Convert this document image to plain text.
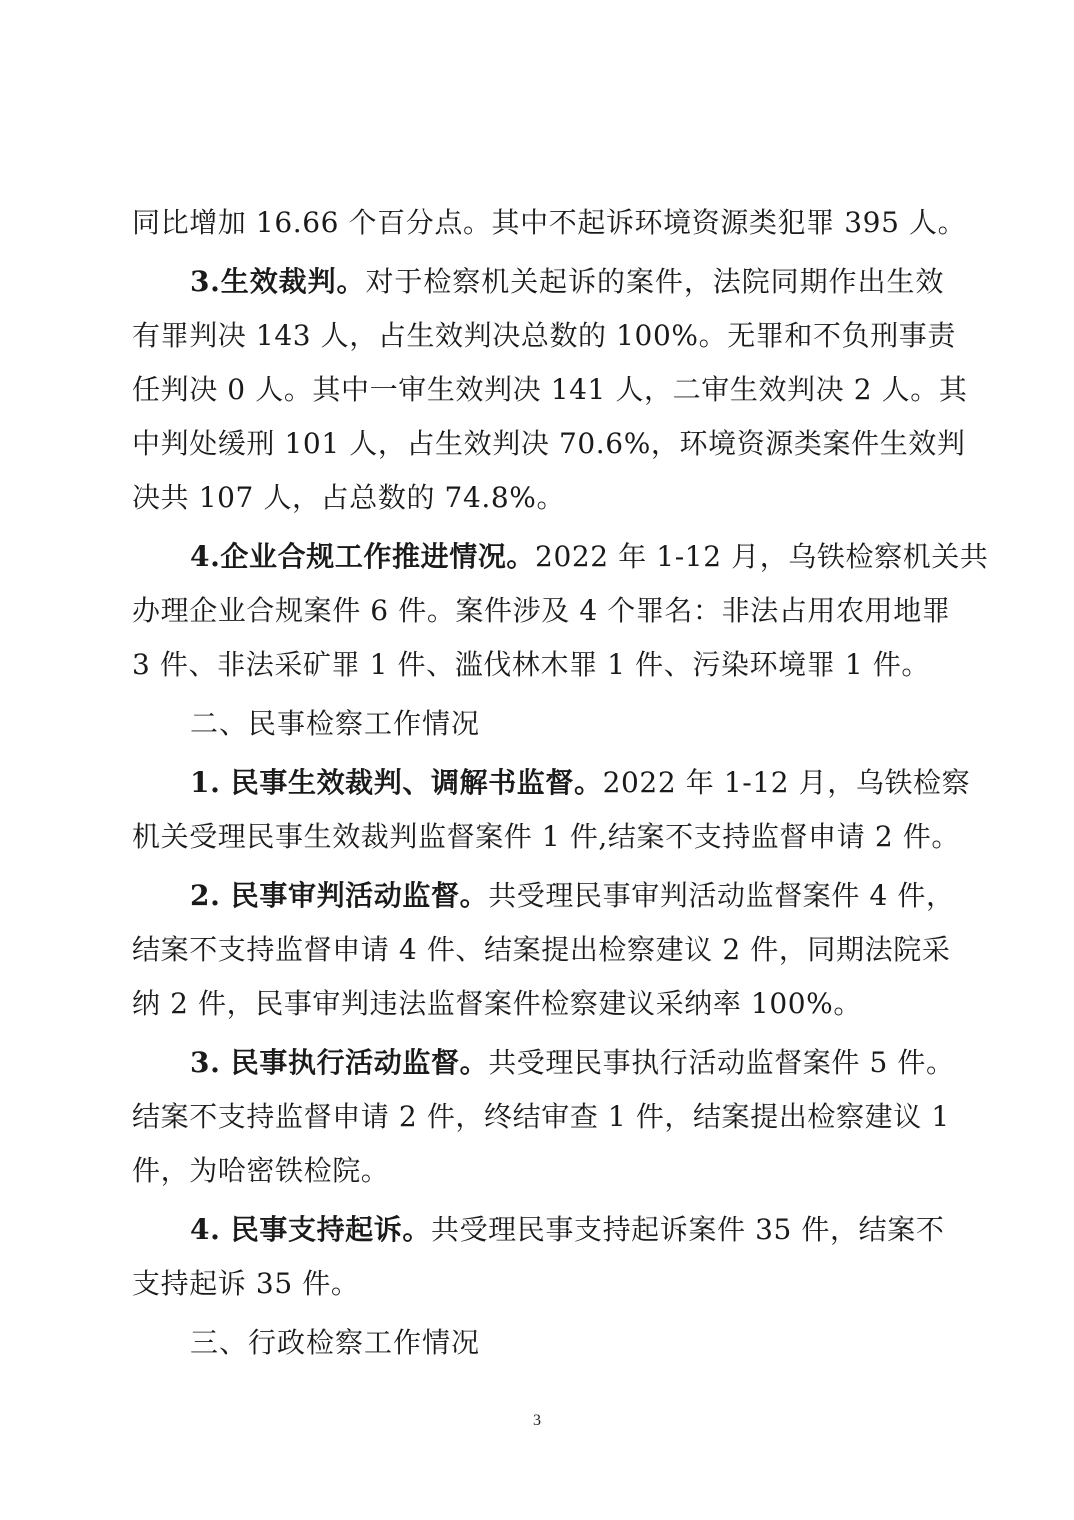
同比增加 16.66 个百分点。其中不起诉环境资源类犯罪 395 人。
3.生效裁判。对于检察机关起诉的案件，法院同期作出生效
有罪判决 143 人，占生效判决总数的 100%。无罪和不负刑事责
任判决 0 人。其中一审生效判决 141 人，二审生效判决 2 人。其
中判处缓刑 101 人，占生效判决 70.6%，环境资源类案件生效判
决共 107 人，占总数的 74.8%。
4.企业合规工作推进情况。2022 年 1-12 月，乌铁检察机关共
办理企业合规案件 6 件。案件涉及 4 个罪名：非法占用农用地罪
3 件、非法采矿罪 1 件、滥伐林木罪 1 件、污染环境罪 1 件。
二、民事检察工作情况
1. 民事生效裁判、调解书监督。2022 年 1-12 月，乌铁检察
机关受理民事生效裁判监督案件 1 件,结案不支持监督申请 2 件。
2. 民事审判活动监督。共受理民事审判活动监督案件 4 件，
结案不支持监督申请 4 件、结案提出检察建议 2 件，同期法院采
纳 2 件，民事审判违法监督案件检察建议采纳率 100%。
3. 民事执行活动监督。共受理民事执行活动监督案件 5 件。
结案不支持监督申请 2 件，终结审查 1 件，结案提出检察建议 1
件，为哈密铁检院。
4. 民事支持起诉。共受理民事支持起诉案件 35 件，结案不
支持起诉 35 件。
三、行政检察工作情况
3
